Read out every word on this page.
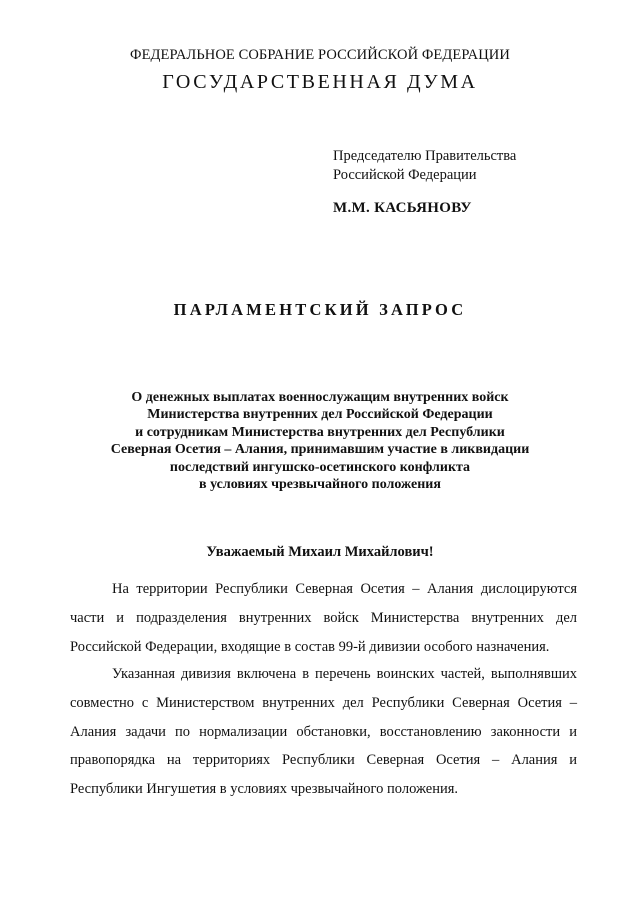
ФЕДЕРАЛЬНОЕ СОБРАНИЕ РОССИЙСКОЙ ФЕДЕРАЦИИ
ГОСУДАРСТВЕННАЯ ДУМА
Председателю Правительства
Российской Федерации
М.М. КАСЬЯНОВУ
ПАРЛАМЕНТСКИЙ ЗАПРОС
О денежных выплатах военнослужащим внутренних войск
Министерства внутренних дел Российской Федерации
и сотрудникам Министерства внутренних дел Республики
Северная Осетия – Алания, принимавшим участие в ликвидации
последствий ингушско-осетинского конфликта
в условиях чрезвычайного положения
Уважаемый Михаил Михайлович!

На территории Республики Северная Осетия – Алания дислоцируются части и подразделения внутренних войск Министерства внутренних дел Российской Федерации, входящие в состав 99-й дивизии особого назначения.

Указанная дивизия включена в перечень воинских частей, выполнявших совместно с Министерством внутренних дел Республики Северная Осетия – Алания задачи по нормализации обстановки, восстановлению законности и правопорядка на территориях Республики Северная Осетия – Алания и Республики Ингушетия в условиях чрезвычайного положения.
